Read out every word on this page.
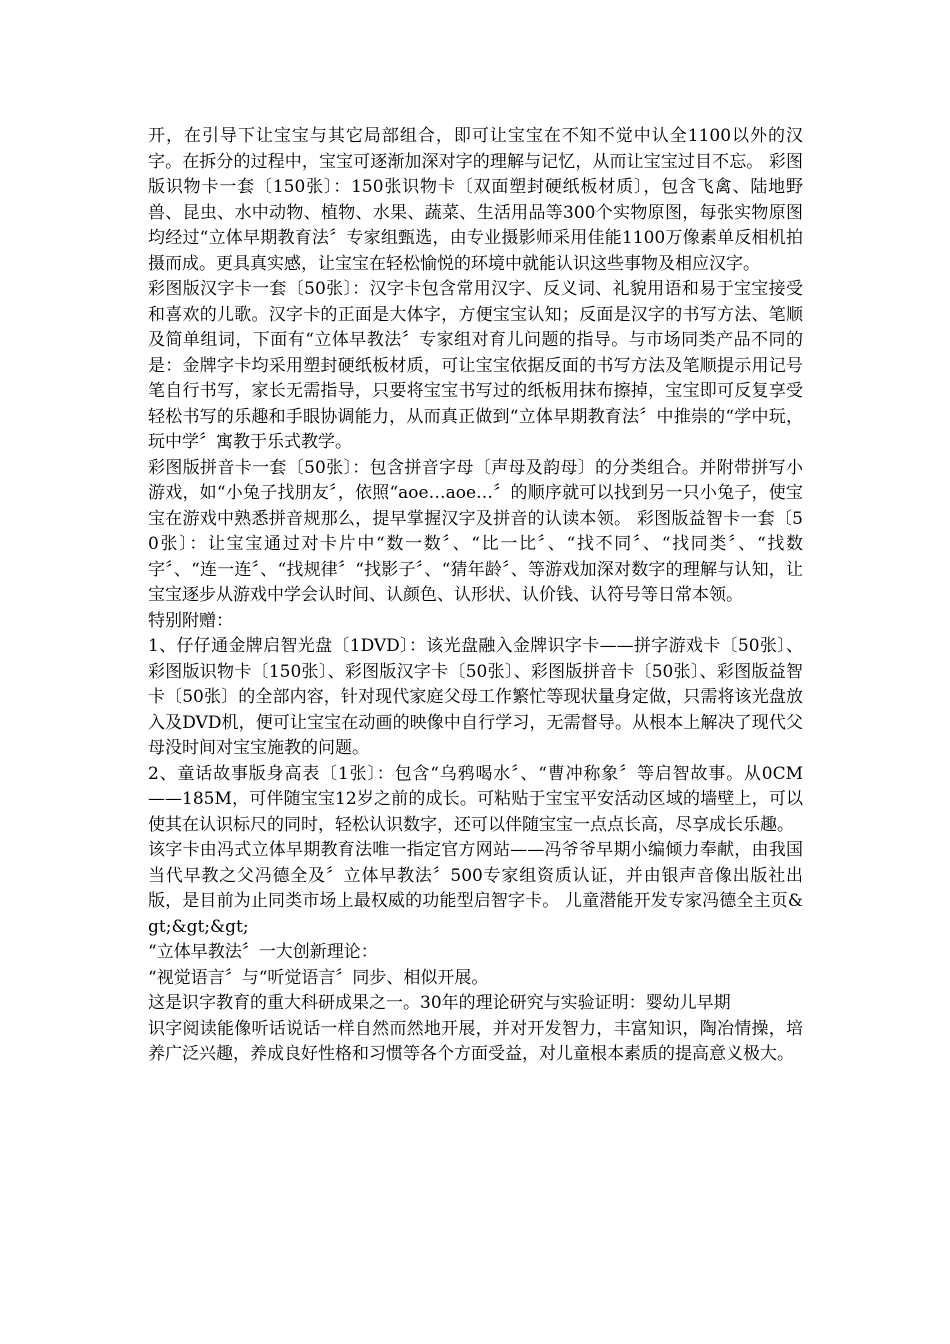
开，在引导下让宝宝与其它局部组合，即可让宝宝在不知不觉中认全1100以外的汉字。在拆分的过程中，宝宝可逐渐加深对字的理解与记忆，从而让宝宝过目不忘。 彩图版识物卡一套〔150张〕：150张识物卡〔双面塑封硬纸板材质〕，包含飞禽、陆地野兽、昆虫、水中动物、植物、水果、蔬菜、生活用品等300个实物原图，每张实物原图均经过“立体早期教育法〞专家组甄选，由专业摄影师采用佳能1100万像素单反相机拍摄而成。更具真实感，让宝宝在轻松愉悦的环境中就能认识这些事物及相应汉字。

彩图版汉字卡一套〔50张〕：汉字卡包含常用汉字、反义词、礼貌用语和易于宝宝接受和喜欢的儿歌。汉字卡的正面是大体字，方便宝宝认知；反面是汉字的书写方法、笔顺及简单组词，下面有“立体早教法〞专家组对育儿问题的指导。与市场同类产品不同的是：金牌字卡均采用塑封硬纸板材质，可让宝宝依据反面的书写方法及笔顺提示用记号笔自行书写，家长无需指导，只要将宝宝书写过的纸板用抹布擦掉，宝宝即可反复享受轻松书写的乐趣和手眼协调能力，从而真正做到“立体早期教育法〞中推崇的“学中玩，玩中学〞寓教于乐式教学。

彩图版拼音卡一套〔50张〕：包含拼音字母〔声母及韵母〕的分类组合。并附带拼写小游戏，如“小兔子找朋友〞，依照“aoe…aoe…〞的顺序就可以找到另一只小兔子，使宝宝在游戏中熟悉拼音规那么，提早掌握汉字及拼音的认读本领。 彩图版益智卡一套〔50张〕：让宝宝通过对卡片中“数一数〞、“比一比〞、“找不同〞、“找同类〞、“找数字〞、“连一连〞、“找规律〞“找影子〞、“猜年龄〞、等游戏加深对数字的理解与认知，让宝宝逐步从游戏中学会认时间、认颜色、认形状、认价钱、认符号等日常本领。

特别附赠：

1、仔仔通金牌启智光盘〔1DVD〕：该光盘融入金牌识字卡——拼字游戏卡〔50张〕、彩图版识物卡〔150张〕、彩图版汉字卡〔50张〕、彩图版拼音卡〔50张〕、彩图版益智卡〔50张〕的全部内容，针对现代家庭父母工作繁忙等现状量身定做，只需将该光盘放入及DVD机，便可让宝宝在动画的映像中自行学习，无需督导。从根本上解决了现代父母没时间对宝宝施教的问题。

2、童话故事版身高表〔1张〕：包含“乌鸦喝水〞、“曹冲称象〞等启智故事。从0CM——185M，可伴随宝宝12岁之前的成长。可粘贴于宝宝平安活动区域的墙壁上，可以使其在认识标尺的同时，轻松认识数字，还可以伴随宝宝一点点长高，尽享成长乐趣。

该字卡由冯式立体早期教育法唯一指定官方网站——冯爷爷早期小编倾力奉献，由我国当代早教之父冯德全及〞立体早教法〞500专家组资质认证，并由银声音像出版社出版，是目前为止同类市场上最权威的功能型启智字卡。 儿童潜能开发专家冯德全主页&gt;&gt;&gt;

“立体早教法〞一大创新理论：

“视觉语言〞与“听觉语言〞同步、相似开展。

这是识字教育的重大科研成果之一。30年的理论研究与实验证明：婴幼儿早期

识字阅读能像听话说话一样自然而然地开展，并对开发智力，丰富知识，陶冶情操，培养广泛兴趣，养成良好性格和习惯等各个方面受益，对儿童根本素质的提高意义极大。
